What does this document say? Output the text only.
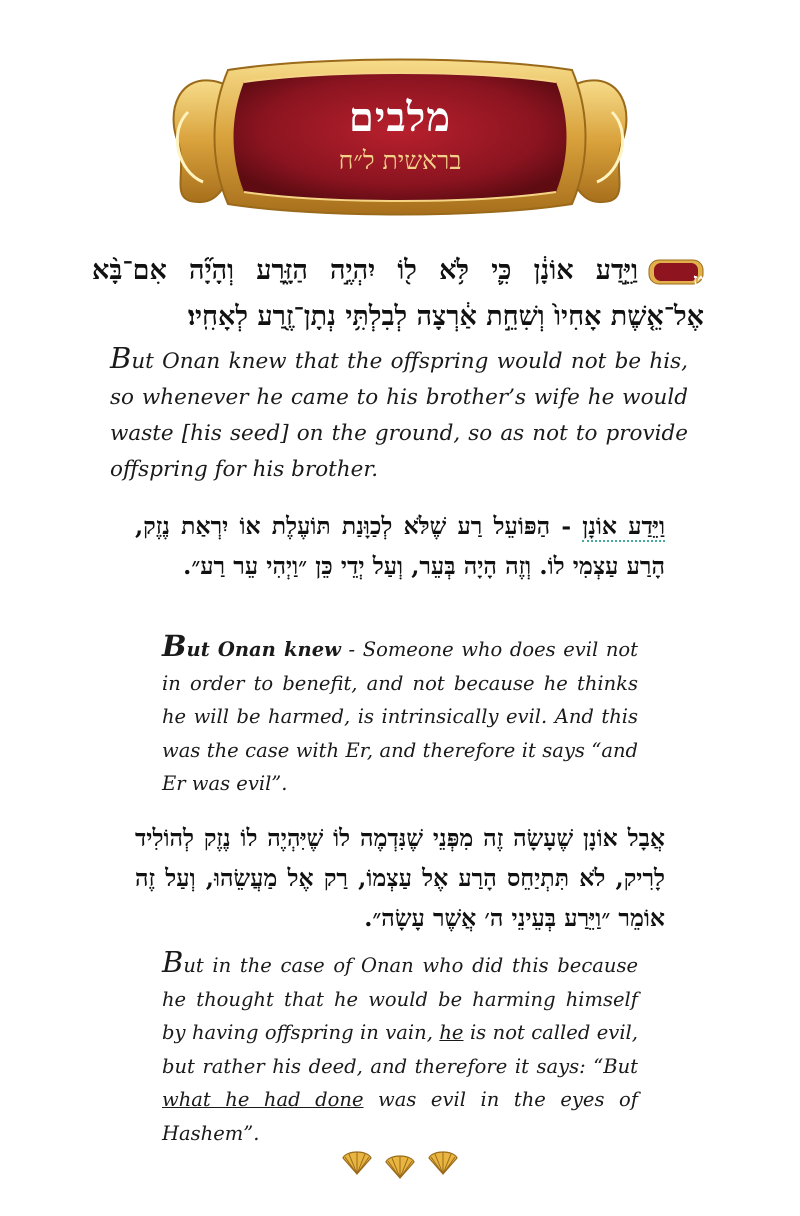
מלבים
בראשית ל״ח
ט
וַיֵּ֣דַע אוֹנָ֔ן כִּ֛י לֹּ֥א ל֖וֹ יִהְיֶ֣ה הַזָּ֑רַע וְהָיָ֞ה אִם־בָּ֨א
אֶל־אֵ֤שֶׁת אָחִיו֙ וְשִׁחֵ֣ת אַ֔רְצָה לְבִלְתִּ֥י נְתָן־זֶ֖רַע לְאָחִֽיו׃
But Onan knew that the offspring would not be his, so whenever he came to his brother’s wife he would waste [his seed] on the ground, so as not to provide offspring for his brother.
וַיֵּדַע אוֹנָן - הַפּוֹעֵל רַע שֶׁלֹּא לְכַוָּנַת תּוֹעֶלֶת אוֹ יִרְאַת נֶזֶק, הָרַע עַצְמִי לוֹ. וְזֶה הָיָה בְּעֵר, וְעַל יְדֵי כֵּן ״וַיְהִי עֵר רַע״.
But Onan knew - Someone who does evil not in order to benefit, and not because he thinks he will be harmed, is intrinsically evil. And this was the case with Er, and therefore it says “and Er was evil”.
אֲבָל אוֹנָן שֶׁעָשָׂה זֶה מִפְּנֵי שֶׁנִּדְמֶה לוֹ שֶׁיִּהְיֶה לוֹ נֶזֶק לְהוֹלִיד לָרִיק, לֹא תִּתְיַחֵס הָרַע אֶל עַצְמוֹ, רַק אֶל מַעֲשֵׂהוּ, וְעַל זֶה אוֹמֵר ״וַיֵּרַע בְּעֵינֵי ה׳ אֲשֶׁר עָשָׂה״.
But in the case of Onan who did this because he thought that he would be harming himself by having offspring in vain, he is not called evil, but rather his deed, and therefore it says: “But what he had done was evil in the eyes of Hashem”.
